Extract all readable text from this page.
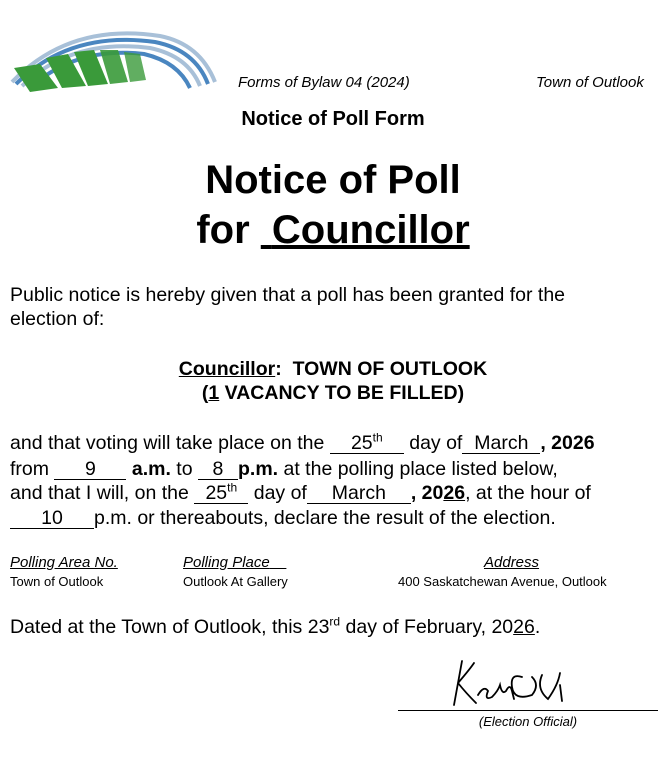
Forms of Bylaw 04 (2024)	Town of Outlook
Notice of Poll Form
Notice of Poll
for Councillor
Public notice is hereby given that a poll has been granted for the
election of:
Councillor:  TOWN OF OUTLOOK
(1 VACANCY TO BE FILLED)
and that voting will take place on the 25th day of March , 2026
from 9 a.m. to 8 p.m. at the polling place listed below,
and that I will, on the 25th day of March , 2026, at the hour of
10 p.m. or thereabouts, declare the result of the election.
Polling Area No.	Polling Place	Address
Town of Outlook	Outlook At Gallery	400 Saskatchewan Avenue, Outlook
Dated at the Town of Outlook, this 23rd day of February, 2026.
(Election Official)
